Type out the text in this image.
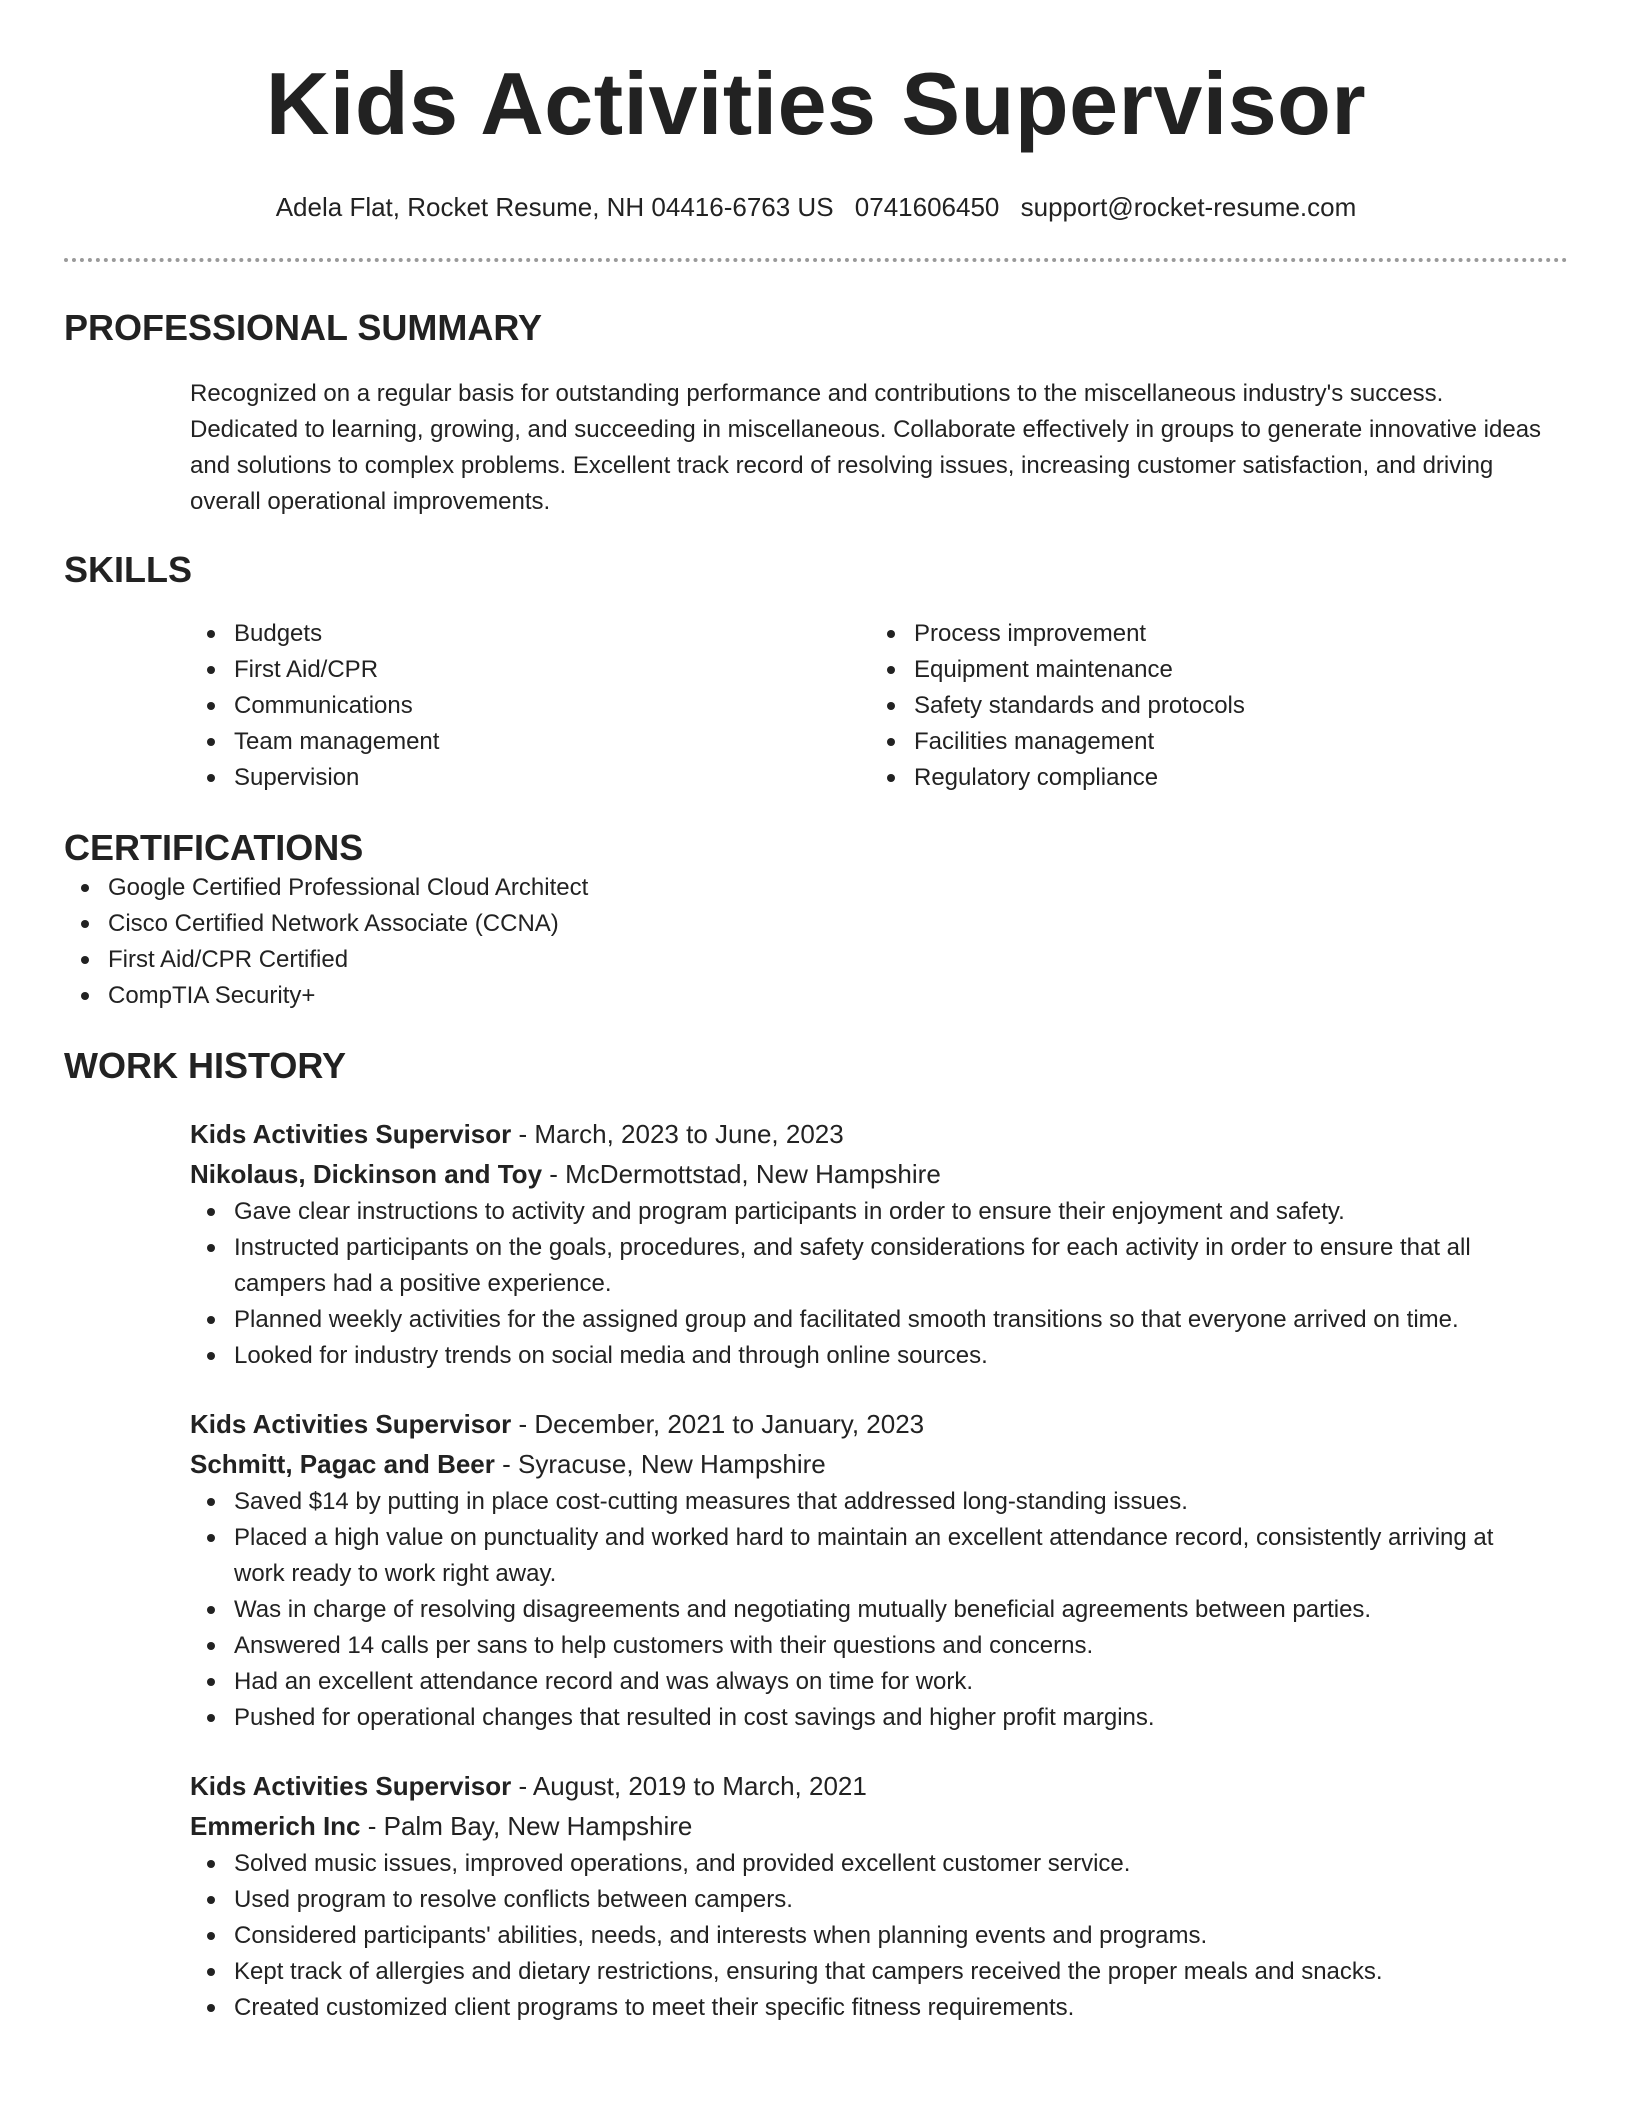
Kids Activities Supervisor
Adela Flat, Rocket Resume, NH 04416-6763 US 0741606450 support@rocket-resume.com
PROFESSIONAL SUMMARY
Recognized on a regular basis for outstanding performance and contributions to the miscellaneous industry's success. Dedicated to learning, growing, and succeeding in miscellaneous. Collaborate effectively in groups to generate innovative ideas and solutions to complex problems. Excellent track record of resolving issues, increasing customer satisfaction, and driving overall operational improvements.
SKILLS
Budgets
First Aid/CPR
Communications
Team management
Supervision
Process improvement
Equipment maintenance
Safety standards and protocols
Facilities management
Regulatory compliance
CERTIFICATIONS
Google Certified Professional Cloud Architect
Cisco Certified Network Associate (CCNA)
First Aid/CPR Certified
CompTIA Security+
WORK HISTORY
Kids Activities Supervisor - March, 2023 to June, 2023
Nikolaus, Dickinson and Toy - McDermottstad, New Hampshire
Gave clear instructions to activity and program participants in order to ensure their enjoyment and safety.
Instructed participants on the goals, procedures, and safety considerations for each activity in order to ensure that all campers had a positive experience.
Planned weekly activities for the assigned group and facilitated smooth transitions so that everyone arrived on time.
Looked for industry trends on social media and through online sources.
Kids Activities Supervisor - December, 2021 to January, 2023
Schmitt, Pagac and Beer - Syracuse, New Hampshire
Saved $14 by putting in place cost-cutting measures that addressed long-standing issues.
Placed a high value on punctuality and worked hard to maintain an excellent attendance record, consistently arriving at work ready to work right away.
Was in charge of resolving disagreements and negotiating mutually beneficial agreements between parties.
Answered 14 calls per sans to help customers with their questions and concerns.
Had an excellent attendance record and was always on time for work.
Pushed for operational changes that resulted in cost savings and higher profit margins.
Kids Activities Supervisor - August, 2019 to March, 2021
Emmerich Inc - Palm Bay, New Hampshire
Solved music issues, improved operations, and provided excellent customer service.
Used program to resolve conflicts between campers.
Considered participants' abilities, needs, and interests when planning events and programs.
Kept track of allergies and dietary restrictions, ensuring that campers received the proper meals and snacks.
Created customized client programs to meet their specific fitness requirements.
